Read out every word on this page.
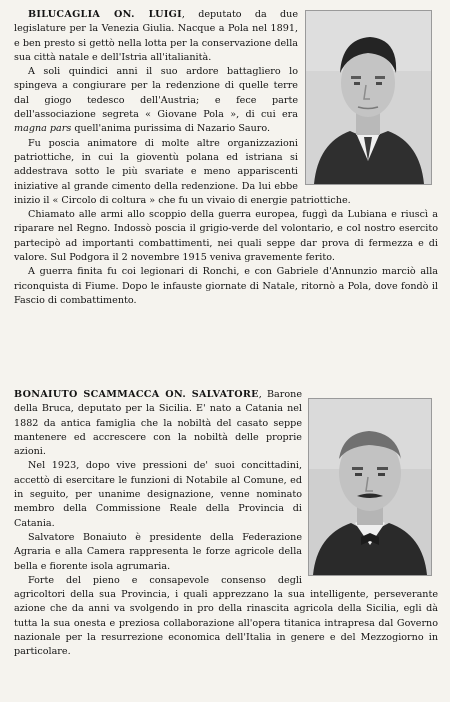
BILUCAGLIA ON. LUIGI, deputato da due legislature per la Venezia Giulia. Nacque a Pola nel 1891, e ben presto si gettò nella lotta per la conservazione della sua città natale e dell'Istria all'italianità.

A soli quindici anni il suo ardore battagliero lo spingeva a congiurare per la redenzione di quelle terre dal giogo tedesco dell'Austria; e fece parte dell'associazione segreta « Giovane Pola », di cui era magna pars quell'anima purissima di Nazario Sauro.

Fu poscia animatore di molte altre organizzazioni patriottiche, in cui la gioventù polana ed istriana si addestrava sotto le più svariate e meno appariscenti iniziative al grande cimento della redenzione. Da lui ebbe inizio il « Circolo di coltura » che fu un vivaio di energie patriottiche.

Chiamato alle armi allo scoppio della guerra europea, fuggì da Lubiana e riuscì a riparare nel Regno. Indossò poscia il grigio-verde del volontario, e col nostro esercito partecipò ad importanti combattimenti, nei quali seppe dar prova di fermezza e di valore. Sul Podgora il 2 novembre 1915 veniva gravemente ferito.

A guerra finita fu coi legionari di Ronchi, e con Gabriele d'Annunzio marciò alla riconquista di Fiume. Dopo le infauste giornate di Natale, ritornò a Pola, dove fondò il Fascio di combattimento.

BONAIUTO SCAMMACCA ON. SALVATORE, Barone della Bruca, deputato per la Sicilia. E' nato a Catania nel 1882 da antica famiglia che la nobiltà del casato seppe mantenere ed accrescere con la nobiltà delle proprie azioni.

Nel 1923, dopo vive pressioni de' suoi concittadini, accettò di esercitare le funzioni di Notabile al Comune, ed in seguito, per unanime designazione, venne nominato membro della Commissione Reale della Provincia di Catania.

Salvatore Bonaiuto è presidente della Federazione Agraria e alla Camera rappresenta le forze agricole della bella e fiorente isola agrumaria.

Forte del pieno e consapevole consenso degli agricoltori della sua Provincia, i quali apprezzano la sua intelligente, perseverante azione che da anni va svolgendo in pro della rinascita agricola della Sicilia, egli dà tutta la sua onesta e preziosa collaborazione all'opera titanica intrapresa dal Governo nazionale per la resurrezione economica dell'Italia in genere e del Mezzogiorno in particolare.
